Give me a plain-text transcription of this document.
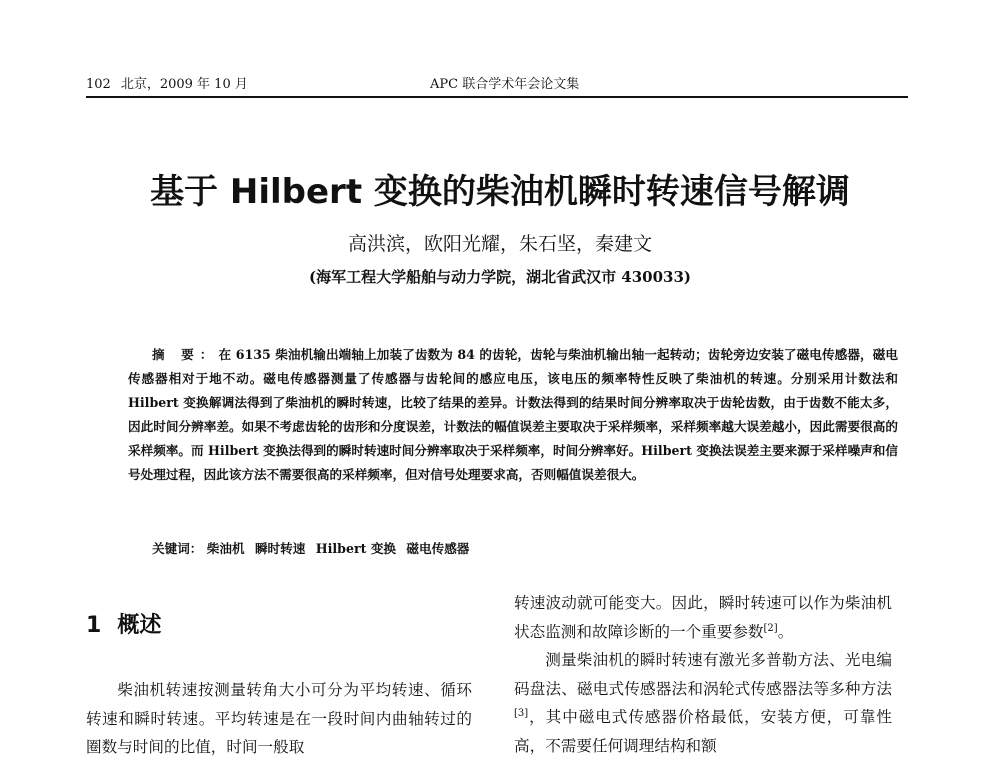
102 北京，2009 年 10 月	APC 联合学术年会论文集
基于 Hilbert 变换的柴油机瞬时转速信号解调
高洪滨，欧阳光耀，朱石坚，秦建文
(海军工程大学船舶与动力学院，湖北省武汉市 430033)
摘 要：在 6135 柴油机输出端轴上加装了齿数为 84 的齿轮，齿轮与柴油机输出轴一起转动；齿轮旁边安装了磁电传感器，磁电传感器相对于地不动。磁电传感器测量了传感器与齿轮间的感应电压，该电压的频率特性反映了柴油机的转速。分别采用计数法和 Hilbert 变换解调法得到了柴油机的瞬时转速，比较了结果的差异。计数法得到的结果时间分辨率取决于齿轮齿数，由于齿数不能太多，因此时间分辨率差。如果不考虑齿轮的齿形和分度误差，计数法的幅值误差主要取决于采样频率，采样频率越大误差越小，因此需要很高的采样频率。而 Hilbert 变换法得到的瞬时转速时间分辨率取决于采样频率，时间分辨率好。Hilbert 变换法误差主要来源于采样噪声和信号处理过程，因此该方法不需要很高的采样频率，但对信号处理要求高，否则幅值误差很大。
关键词： 柴油机 瞬时转速 Hilbert 变换 磁电传感器
1 概述

柴油机转速按测量转角大小可分为平均转速、循环转速和瞬时转速。平均转速是在一段时间内曲轴转过的圈数与时间的比值，时间一般取

转速波动就可能变大。因此，瞬时转速可以作为柴油机状态监测和故障诊断的一个重要参数[2]。

测量柴油机的瞬时转速有激光多普勒方法、光电编码盘法、磁电式传感器法和涡轮式传感器法等多种方法[3]，其中磁电式传感器价格最低，安装方便，可靠性高，不需要任何调理结构和额
